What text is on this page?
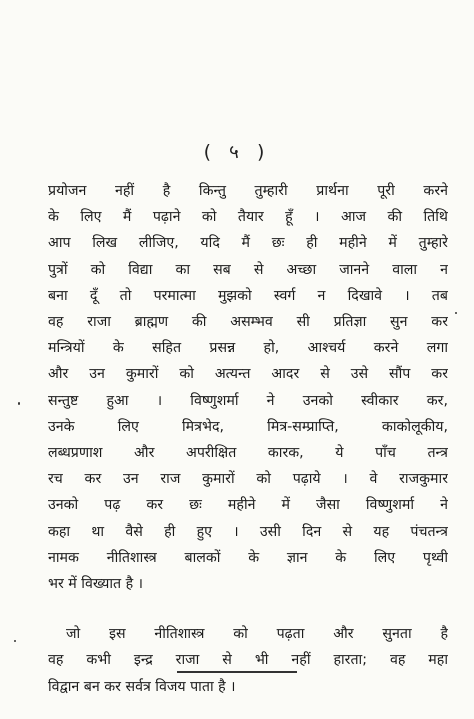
( ५ )
प्रयोजन नहीं है किन्तु तुम्हारी प्रार्थना पूरी करने
के लिए मैं पढ़ाने को तैयार हूँ । आज की तिथि
आप लिख लीजिए, यदि मैं छः ही महीने में तुम्हारे
पुत्रों को विद्या का सब से अच्छा जानने वाला न
बना दूँ तो परमात्मा मुझको स्वर्ग न दिखावे । तब
वह राजा ब्राह्मण की असम्भव सी प्रतिज्ञा सुन कर
मन्त्रियों के सहित प्रसन्न हो, आश्चर्य करने लगा
और उन कुमारों को अत्यन्त आदर से उसे सौंप कर
सन्तुष्ट हुआ । विष्णुशर्मा ने उनको स्वीकार कर,
उनके लिए मित्रभेद, मित्र-सम्प्राप्ति, काकोलूकीय,
लब्धप्रणाश और अपरीक्षित कारक, ये पाँच तन्त्र
रच कर उन राज कुमारों को पढ़ाये । वे राजकुमार
उनको पढ़ कर छः महीने में जैसा विष्णुशर्मा ने
कहा था वैसे ही हुए । उसी दिन से यह पंचतन्त्र
नामक नीतिशास्त्र बालकों के ज्ञान के लिए पृथ्वी
भर में विख्यात है ।
जो इस नीतिशास्त्र को पढ़ता और सुनता है
वह कभी इन्द्र राजा से भी नहीं हारता; वह महा
विद्वान बन कर सर्वत्र विजय पाता है ।
